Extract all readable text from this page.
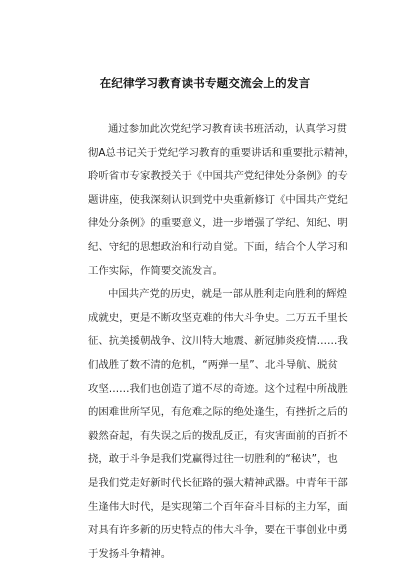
在纪律学习教育读书专题交流会上的发言
通过参加此次党纪学习教育读书班活动，认真学习贯
彻A总书记关于党纪学习教育的重要讲话和重要批示精神，
聆听省市专家教授关于《中国共产党纪律处分条例》的专
题讲座，使我深刻认识到党中央重新修订《中国共产党纪
律处分条例》的重要意义，进一步增强了学纪、知纪、明
纪、守纪的思想政治和行动自觉。下面，结合个人学习和
工作实际，作简要交流发言。
中国共产党的历史，就是一部从胜利走向胜利的辉煌
成就史，更是不断攻坚克难的伟大斗争史。二万五千里长
征、抗美援朝战争、汶川特大地震、新冠肺炎疫情……我
们战胜了数不清的危机，“两弹一星”、北斗导航、脱贫
攻坚……我们也创造了道不尽的奇迹。这个过程中所战胜
的困难世所罕见，有危难之际的绝处逢生，有挫折之后的
毅然奋起，有失误之后的拨乱反正，有灾害面前的百折不
挠，敢于斗争是我们党赢得过往一切胜利的“秘诀”，也
是我们党走好新时代长征路的强大精神武器。中青年干部
生逢伟大时代，是实现第二个百年奋斗目标的主力军，面
对具有许多新的历史特点的伟大斗争，要在干事创业中勇
于发扬斗争精神。
